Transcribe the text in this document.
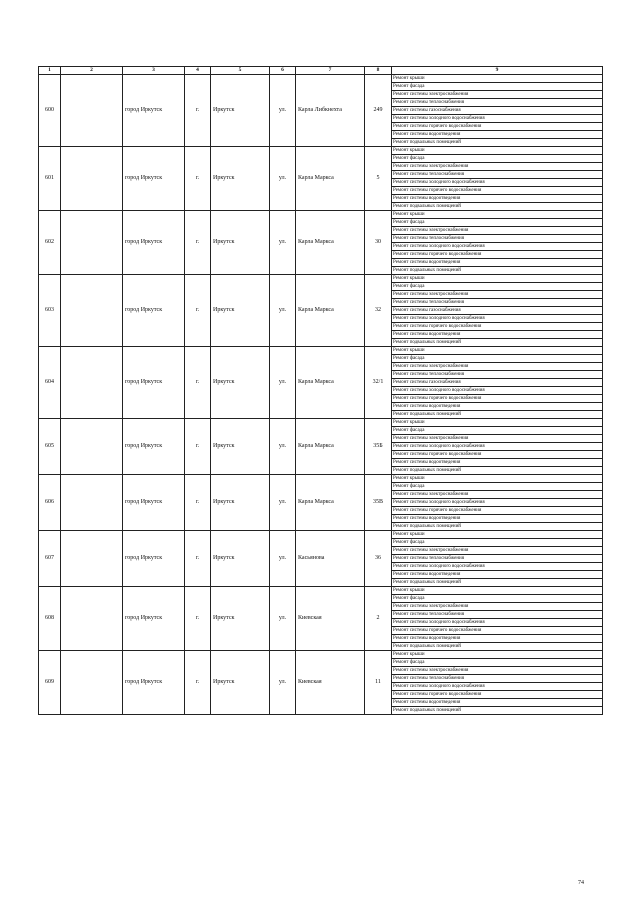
1	2	3	4	5	6	7	8	9
600		город Иркутск	г.	Иркутск	ул.	Карла Либкнехта	249	Ремонт крыши
								Ремонт фасада
								Ремонт системы электроснабжения
								Ремонт системы теплоснабжения
								Ремонт системы газоснабжения
								Ремонт системы холодного водоснабжения
								Ремонт системы горячего водоснабжения
								Ремонт системы водоотведения
								Ремонт подвальных помещений
601		город Иркутск	г.	Иркутск	ул.	Карла Маркса	5	Ремонт крыши
								Ремонт фасада
								Ремонт системы электроснабжения
								Ремонт системы теплоснабжения
								Ремонт системы холодного водоснабжения
								Ремонт системы горячего водоснабжения
								Ремонт системы водоотведения
								Ремонт подвальных помещений
602		город Иркутск	г.	Иркутск	ул.	Карла Маркса	30	Ремонт крыши
								Ремонт фасада
								Ремонт системы электроснабжения
								Ремонт системы теплоснабжения
								Ремонт системы холодного водоснабжения
								Ремонт системы горячего водоснабжения
								Ремонт системы водоотведения
								Ремонт подвальных помещений
603		город Иркутск	г.	Иркутск	ул.	Карла Маркса	32	Ремонт крыши
								Ремонт фасада
								Ремонт системы электроснабжения
								Ремонт системы теплоснабжения
								Ремонт системы газоснабжения
								Ремонт системы холодного водоснабжения
								Ремонт системы горячего водоснабжения
								Ремонт системы водоотведения
								Ремонт подвальных помещений
604		город Иркутск	г.	Иркутск	ул.	Карла Маркса	32/1	Ремонт крыши
								Ремонт фасада
								Ремонт системы электроснабжения
								Ремонт системы теплоснабжения
								Ремонт системы газоснабжения
								Ремонт системы холодного водоснабжения
								Ремонт системы горячего водоснабжения
								Ремонт системы водоотведения
								Ремонт подвальных помещений
605		город Иркутск	г.	Иркутск	ул.	Карла Маркса	35Б	Ремонт крыши
								Ремонт фасада
								Ремонт системы электроснабжения
								Ремонт системы холодного водоснабжения
								Ремонт системы горячего водоснабжения
								Ремонт системы водоотведения
								Ремонт подвальных помещений
606		город Иркутск	г.	Иркутск	ул.	Карла Маркса	35В	Ремонт крыши
								Ремонт фасада
								Ремонт системы электроснабжения
								Ремонт системы холодного водоснабжения
								Ремонт системы горячего водоснабжения
								Ремонт системы водоотведения
								Ремонт подвальных помещений
607		город Иркутск	г.	Иркутск	ул.	Касьянова	36	Ремонт крыши
								Ремонт фасада
								Ремонт системы электроснабжения
								Ремонт системы теплоснабжения
								Ремонт системы холодного водоснабжения
								Ремонт системы водоотведения
								Ремонт подвальных помещений
608		город Иркутск	г.	Иркутск	ул.	Киевская	2	Ремонт крыши
								Ремонт фасада
								Ремонт системы электроснабжения
								Ремонт системы теплоснабжения
								Ремонт системы холодного водоснабжения
								Ремонт системы горячего водоснабжения
								Ремонт системы водоотведения
								Ремонт подвальных помещений
609		город Иркутск	г.	Иркутск	ул.	Киевская	11	Ремонт крыши
								Ремонт фасада
								Ремонт системы электроснабжения
								Ремонт системы теплоснабжения
								Ремонт системы холодного водоснабжения
								Ремонт системы горячего водоснабжения
								Ремонт системы водоотведения
								Ремонт подвальных помещений
74
